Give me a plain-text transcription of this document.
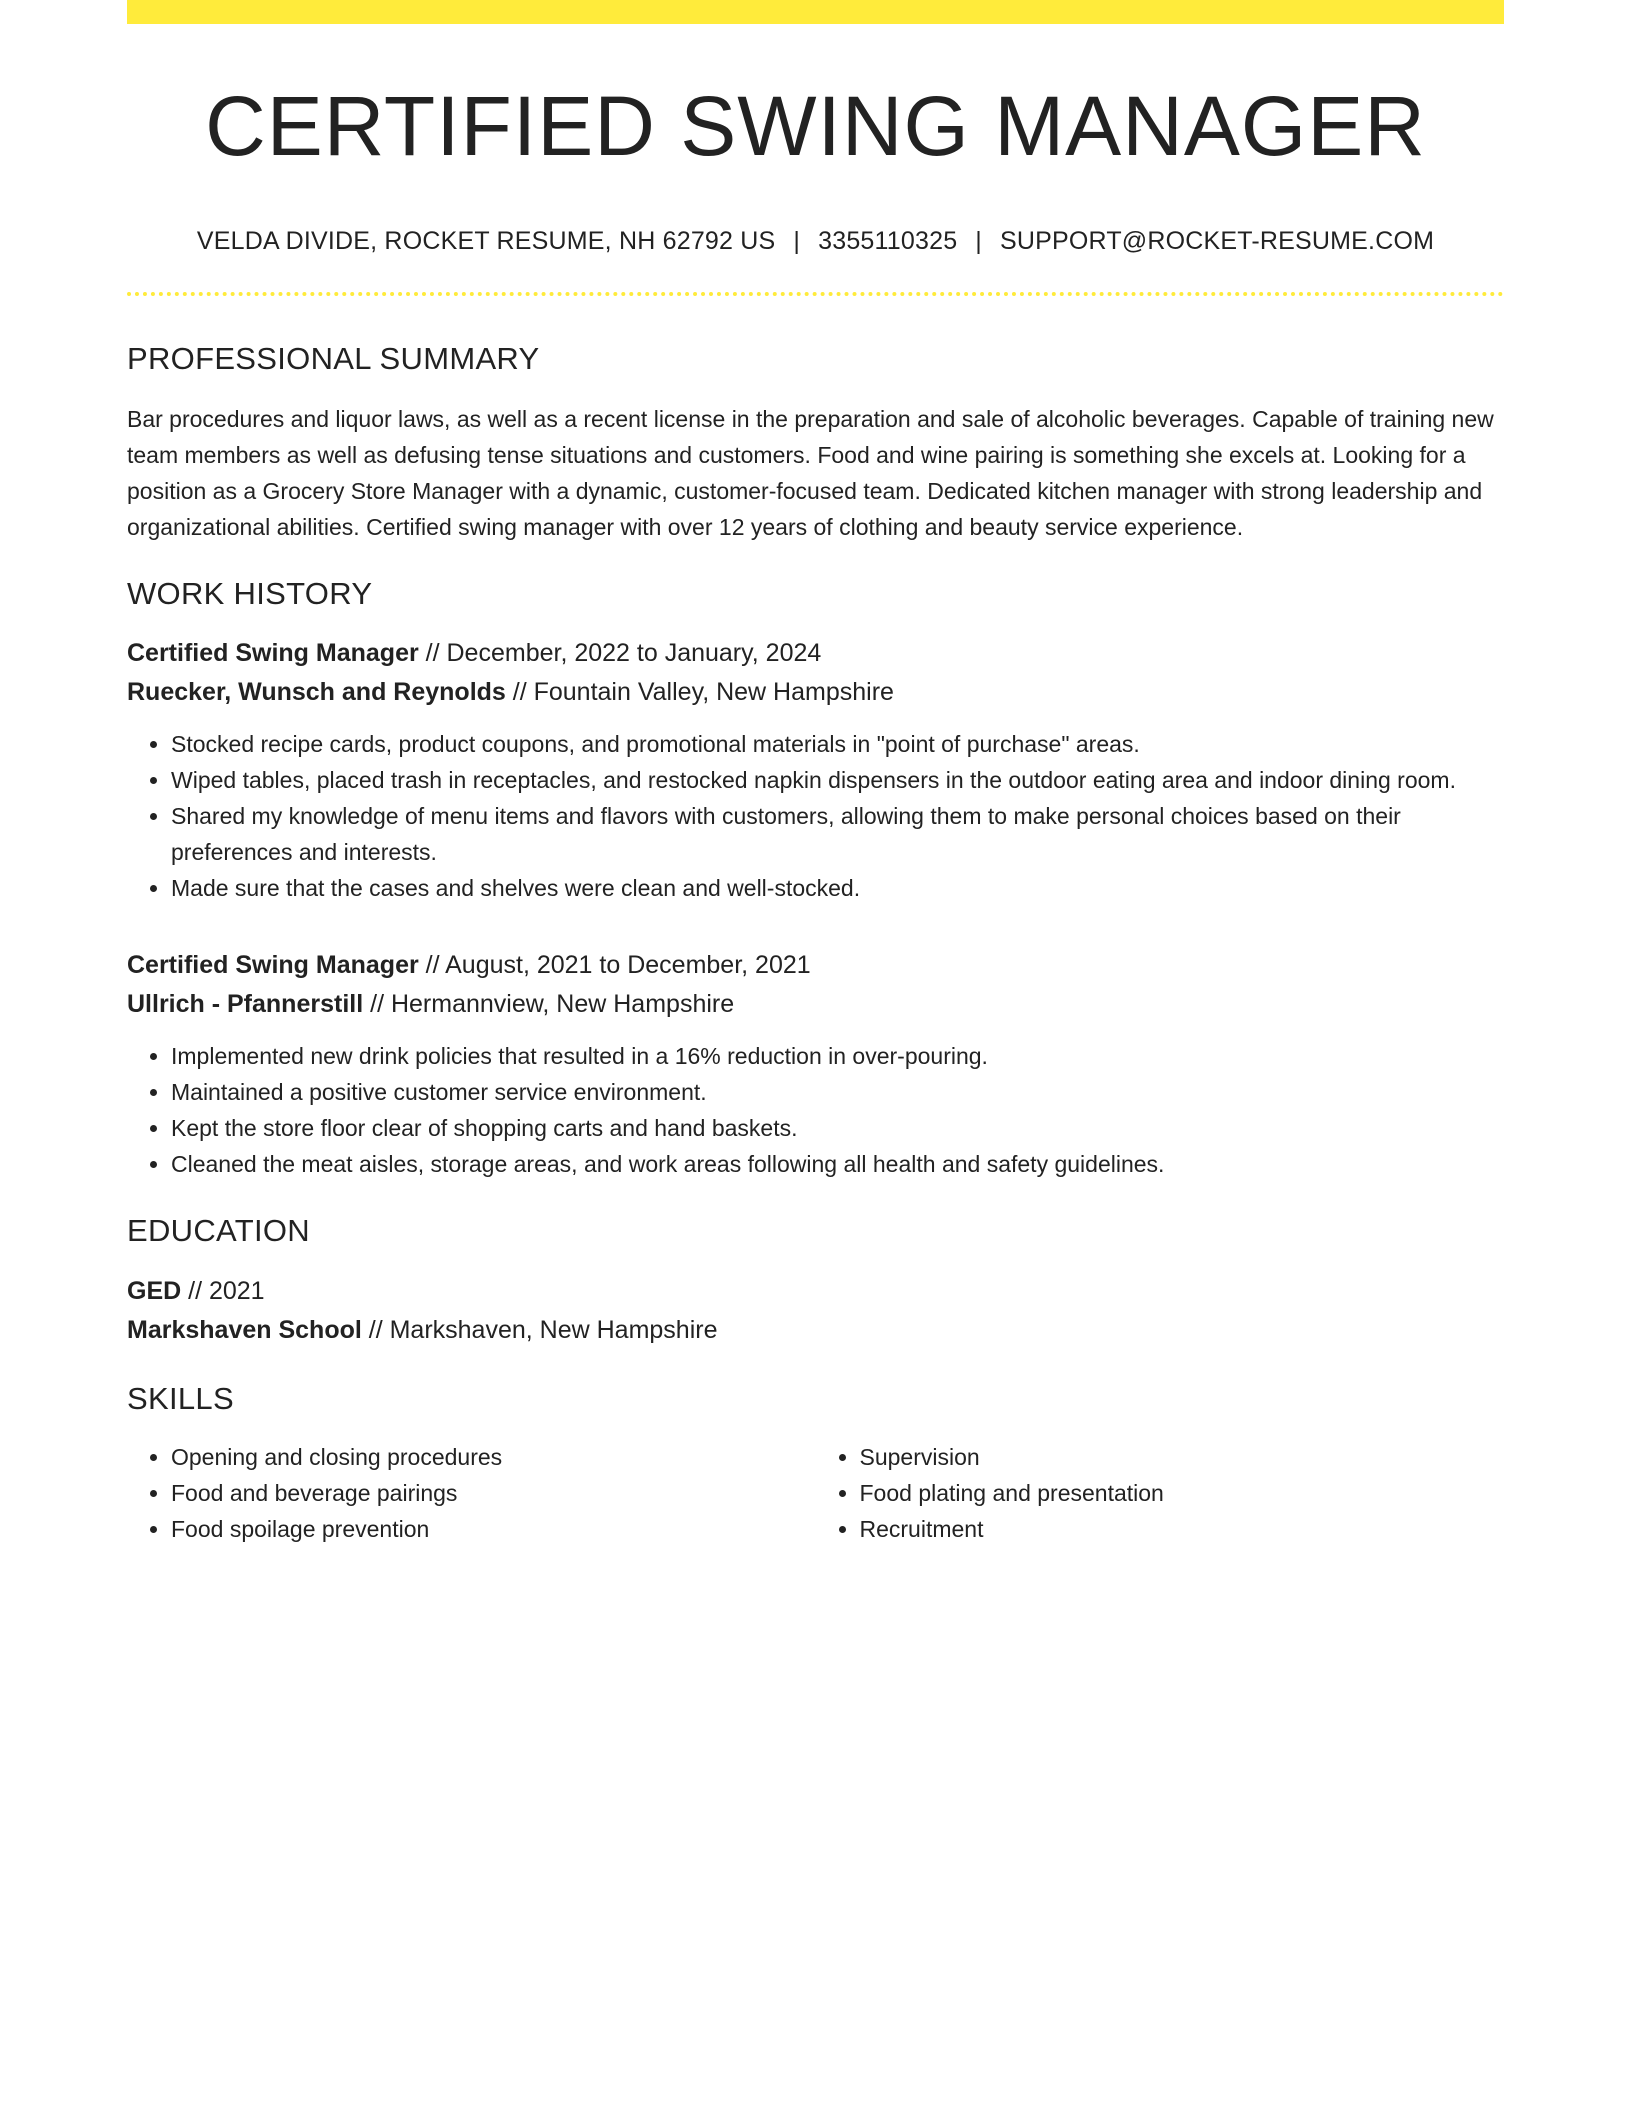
CERTIFIED SWING MANAGER
VELDA DIVIDE, ROCKET RESUME, NH 62792 US | 3355110325 | SUPPORT@ROCKET-RESUME.COM
PROFESSIONAL SUMMARY

Bar procedures and liquor laws, as well as a recent license in the preparation and sale of alcoholic beverages. Capable of training new team members as well as defusing tense situations and customers. Food and wine pairing is something she excels at. Looking for a position as a Grocery Store Manager with a dynamic, customer-focused team. Dedicated kitchen manager with strong leadership and organizational abilities. Certified swing manager with over 12 years of clothing and beauty service experience.

WORK HISTORY
Certified Swing Manager // December, 2022 to January, 2024
Ruecker, Wunsch and Reynolds // Fountain Valley, New Hampshire
• Stocked recipe cards, product coupons, and promotional materials in "point of purchase" areas.
• Wiped tables, placed trash in receptacles, and restocked napkin dispensers in the outdoor eating area and indoor dining room.
• Shared my knowledge of menu items and flavors with customers, allowing them to make personal choices based on their preferences and interests.
• Made sure that the cases and shelves were clean and well-stocked.
Certified Swing Manager // August, 2021 to December, 2021
Ullrich - Pfannerstill // Hermannview, New Hampshire
• Implemented new drink policies that resulted in a 16% reduction in over-pouring.
• Maintained a positive customer service environment.
• Kept the store floor clear of shopping carts and hand baskets.
• Cleaned the meat aisles, storage areas, and work areas following all health and safety guidelines.
EDUCATION
GED // 2021
Markshaven School // Markshaven, New Hampshire
SKILLS
• Opening and closing procedures
• Food and beverage pairings
• Food spoilage prevention
• Supervision
• Food plating and presentation
• Recruitment
